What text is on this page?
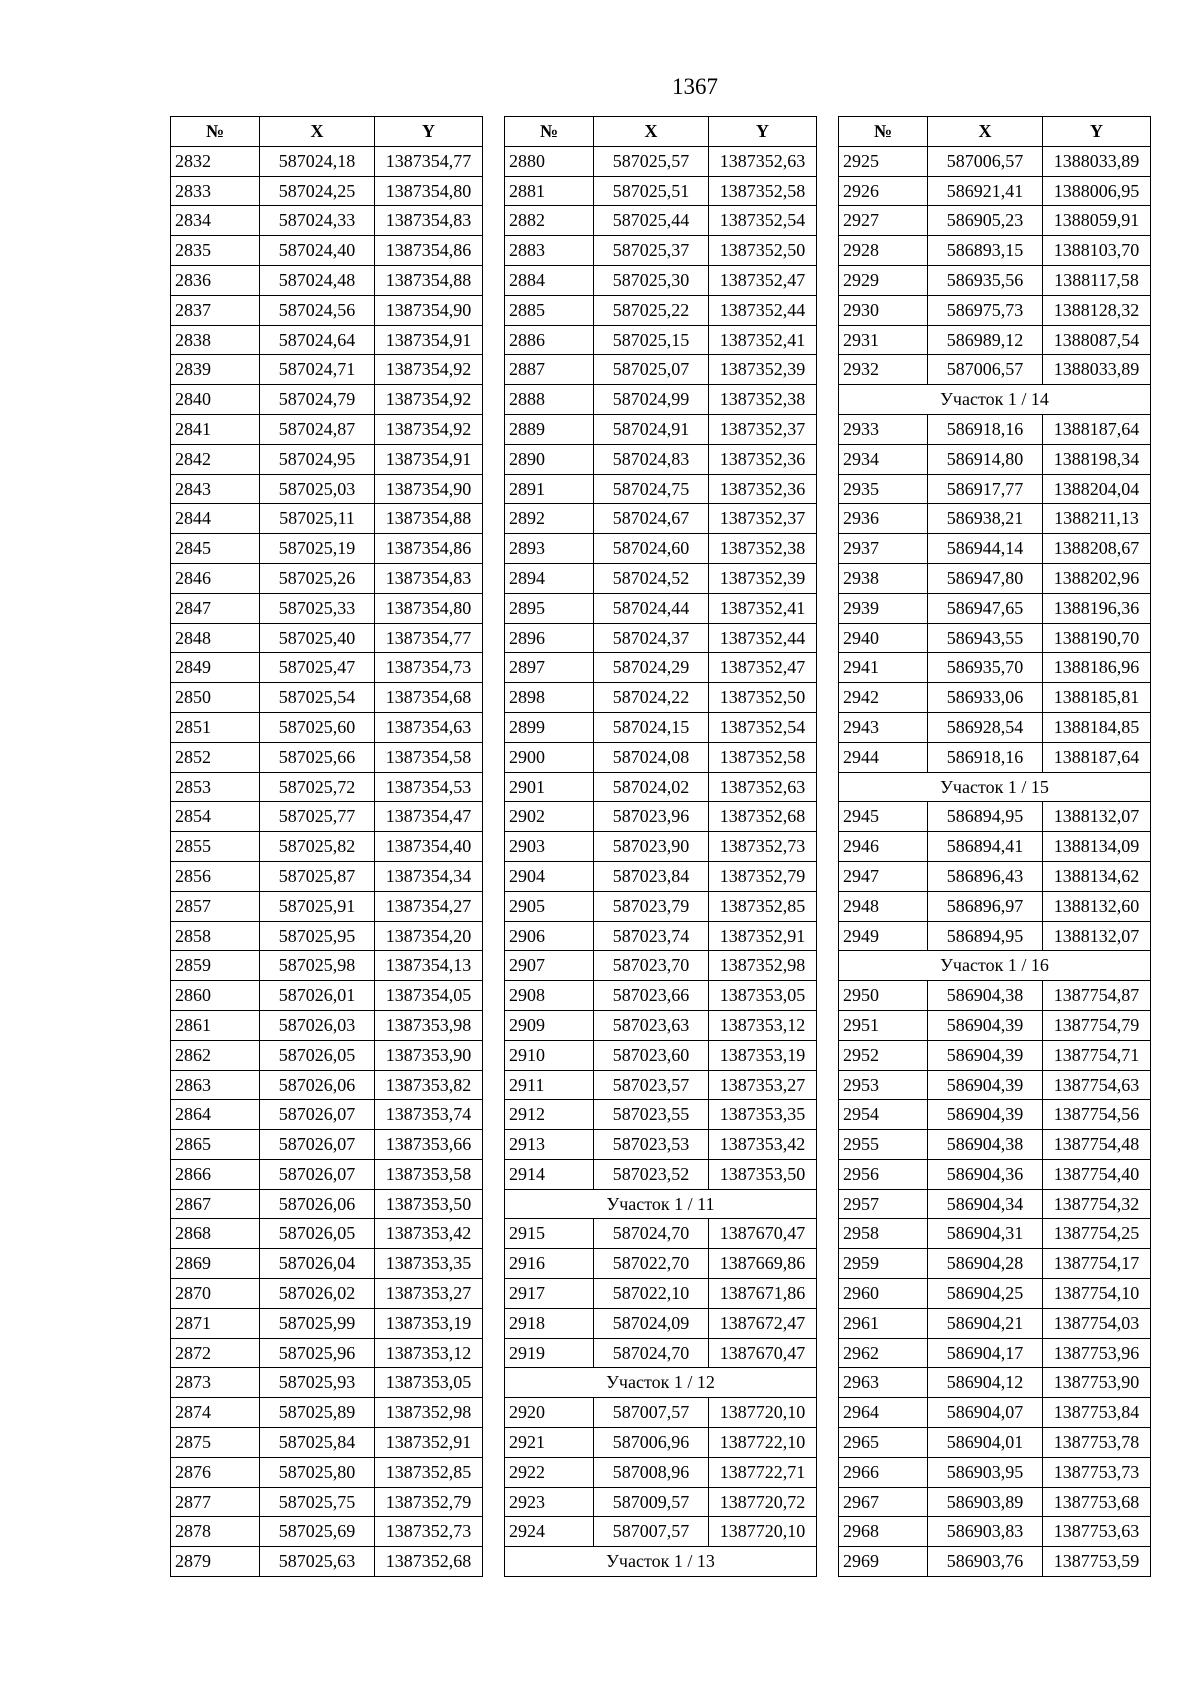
1367
№	X	Y
2832	587024,18	1387354,77
2833	587024,25	1387354,80
2834	587024,33	1387354,83
2835	587024,40	1387354,86
2836	587024,48	1387354,88
2837	587024,56	1387354,90
2838	587024,64	1387354,91
2839	587024,71	1387354,92
2840	587024,79	1387354,92
2841	587024,87	1387354,92
2842	587024,95	1387354,91
2843	587025,03	1387354,90
2844	587025,11	1387354,88
2845	587025,19	1387354,86
2846	587025,26	1387354,83
2847	587025,33	1387354,80
2848	587025,40	1387354,77
2849	587025,47	1387354,73
2850	587025,54	1387354,68
2851	587025,60	1387354,63
2852	587025,66	1387354,58
2853	587025,72	1387354,53
2854	587025,77	1387354,47
2855	587025,82	1387354,40
2856	587025,87	1387354,34
2857	587025,91	1387354,27
2858	587025,95	1387354,20
2859	587025,98	1387354,13
2860	587026,01	1387354,05
2861	587026,03	1387353,98
2862	587026,05	1387353,90
2863	587026,06	1387353,82
2864	587026,07	1387353,74
2865	587026,07	1387353,66
2866	587026,07	1387353,58
2867	587026,06	1387353,50
2868	587026,05	1387353,42
2869	587026,04	1387353,35
2870	587026,02	1387353,27
2871	587025,99	1387353,19
2872	587025,96	1387353,12
2873	587025,93	1387353,05
2874	587025,89	1387352,98
2875	587025,84	1387352,91
2876	587025,80	1387352,85
2877	587025,75	1387352,79
2878	587025,69	1387352,73
2879	587025,63	1387352,68
№	X	Y
2880	587025,57	1387352,63
2881	587025,51	1387352,58
2882	587025,44	1387352,54
2883	587025,37	1387352,50
2884	587025,30	1387352,47
2885	587025,22	1387352,44
2886	587025,15	1387352,41
2887	587025,07	1387352,39
2888	587024,99	1387352,38
2889	587024,91	1387352,37
2890	587024,83	1387352,36
2891	587024,75	1387352,36
2892	587024,67	1387352,37
2893	587024,60	1387352,38
2894	587024,52	1387352,39
2895	587024,44	1387352,41
2896	587024,37	1387352,44
2897	587024,29	1387352,47
2898	587024,22	1387352,50
2899	587024,15	1387352,54
2900	587024,08	1387352,58
2901	587024,02	1387352,63
2902	587023,96	1387352,68
2903	587023,90	1387352,73
2904	587023,84	1387352,79
2905	587023,79	1387352,85
2906	587023,74	1387352,91
2907	587023,70	1387352,98
2908	587023,66	1387353,05
2909	587023,63	1387353,12
2910	587023,60	1387353,19
2911	587023,57	1387353,27
2912	587023,55	1387353,35
2913	587023,53	1387353,42
2914	587023,52	1387353,50
Участок 1 / 11		
2915	587024,70	1387670,47
2916	587022,70	1387669,86
2917	587022,10	1387671,86
2918	587024,09	1387672,47
2919	587024,70	1387670,47
Участок 1 / 12		
2920	587007,57	1387720,10
2921	587006,96	1387722,10
2922	587008,96	1387722,71
2923	587009,57	1387720,72
2924	587007,57	1387720,10
Участок 1 / 13		
№	X	Y
2925	587006,57	1388033,89
2926	586921,41	1388006,95
2927	586905,23	1388059,91
2928	586893,15	1388103,70
2929	586935,56	1388117,58
2930	586975,73	1388128,32
2931	586989,12	1388087,54
2932	587006,57	1388033,89
Участок 1 / 14		
2933	586918,16	1388187,64
2934	586914,80	1388198,34
2935	586917,77	1388204,04
2936	586938,21	1388211,13
2937	586944,14	1388208,67
2938	586947,80	1388202,96
2939	586947,65	1388196,36
2940	586943,55	1388190,70
2941	586935,70	1388186,96
2942	586933,06	1388185,81
2943	586928,54	1388184,85
2944	586918,16	1388187,64
Участок 1 / 15		
2945	586894,95	1388132,07
2946	586894,41	1388134,09
2947	586896,43	1388134,62
2948	586896,97	1388132,60
2949	586894,95	1388132,07
Участок 1 / 16		
2950	586904,38	1387754,87
2951	586904,39	1387754,79
2952	586904,39	1387754,71
2953	586904,39	1387754,63
2954	586904,39	1387754,56
2955	586904,38	1387754,48
2956	586904,36	1387754,40
2957	586904,34	1387754,32
2958	586904,31	1387754,25
2959	586904,28	1387754,17
2960	586904,25	1387754,10
2961	586904,21	1387754,03
2962	586904,17	1387753,96
2963	586904,12	1387753,90
2964	586904,07	1387753,84
2965	586904,01	1387753,78
2966	586903,95	1387753,73
2967	586903,89	1387753,68
2968	586903,83	1387753,63
2969	586903,76	1387753,59
